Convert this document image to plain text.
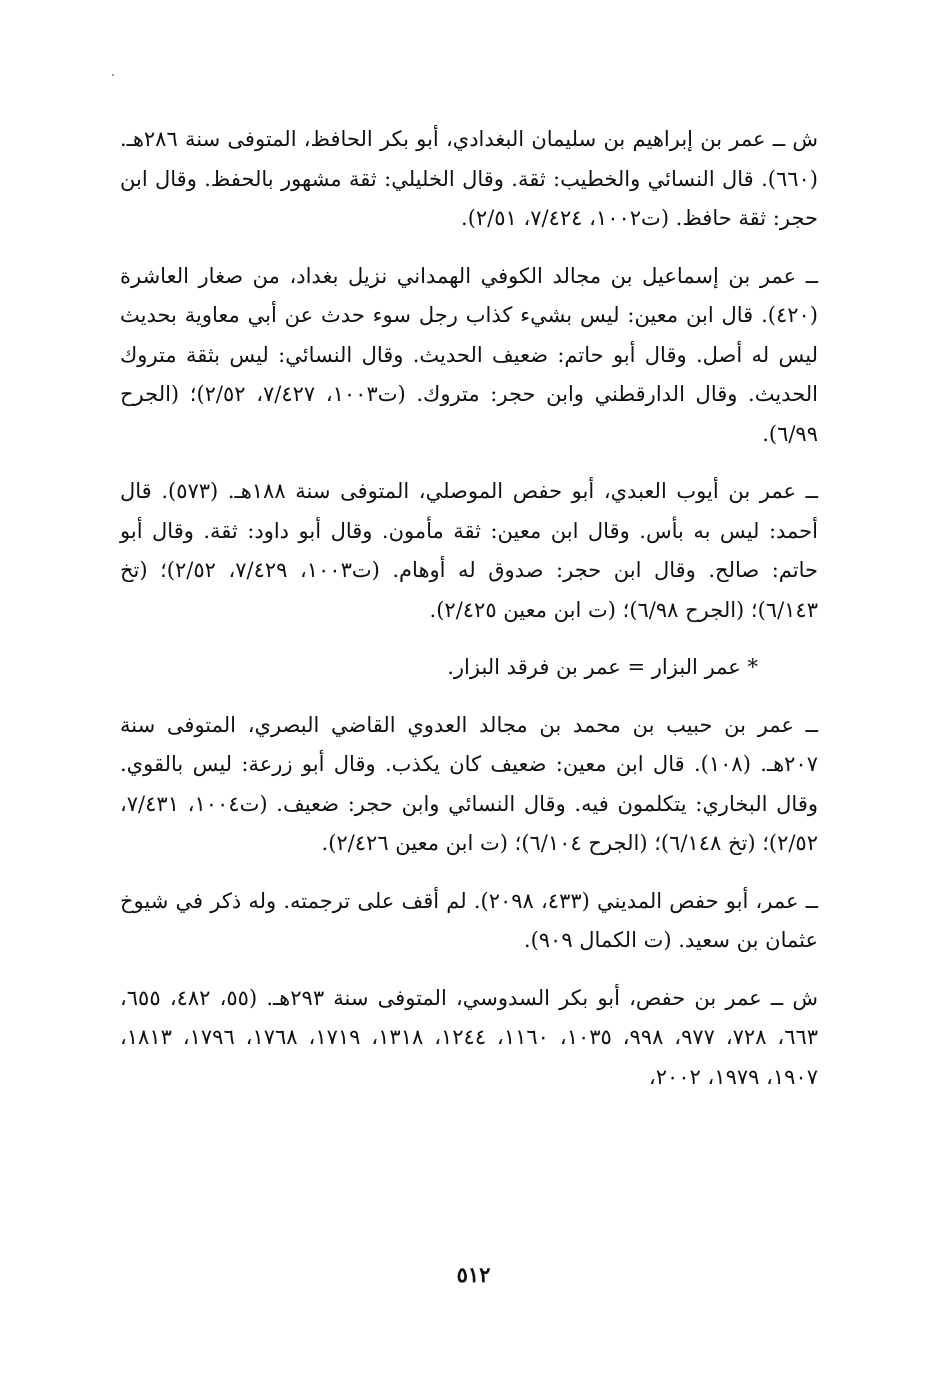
ش ــ عمر بن إبراهيم بن سليمان البغدادي، أبو بكر الحافظ، المتوفى سنة ٢٨٦هـ. (٦٦٠). قال النسائي والخطيب: ثقة. وقال الخليلي: ثقة مشهور بالحفظ. وقال ابن حجر: ثقة حافظ. (ت١٠٠٢، ٧/٤٢٤، ٢/٥١).

ــ عمر بن إسماعيل بن مجالد الكوفي الهمداني نزيل بغداد، من صغار العاشرة (٤٢٠). قال ابن معين: ليس بشيء كذاب رجل سوء حدث عن أبي معاوية بحديث ليس له أصل. وقال أبو حاتم: ضعيف الحديث. وقال النسائي: ليس بثقة متروك الحديث. وقال الدارقطني وابن حجر: متروك. (ت١٠٠٣، ٧/٤٢٧، ٢/٥٢)؛ (الجرح ٦/٩٩).

ــ عمر بن أيوب العبدي، أبو حفص الموصلي، المتوفى سنة ١٨٨هـ. (٥٧٣). قال أحمد: ليس به بأس. وقال ابن معين: ثقة مأمون. وقال أبو داود: ثقة. وقال أبو حاتم: صالح. وقال ابن حجر: صدوق له أوهام. (ت١٠٠٣، ٧/٤٢٩، ٢/٥٢)؛ (تخ ٦/١٤٣)؛ (الجرح ٦/٩٨)؛ (ت ابن معين ٢/٤٢٥).

* عمر البزار = عمر بن فرقد البزار.

ــ عمر بن حبيب بن محمد بن مجالد العدوي القاضي البصري، المتوفى سنة ٢٠٧هـ. (١٠٨). قال ابن معين: ضعيف كان يكذب. وقال أبو زرعة: ليس بالقوي. وقال البخاري: يتكلمون فيه. وقال النسائي وابن حجر: ضعيف. (ت١٠٠٤، ٧/٤٣١، ٢/٥٢)؛ (تخ ٦/١٤٨)؛ (الجرح ٦/١٠٤)؛ (ت ابن معين ٢/٤٢٦).

ــ عمر، أبو حفص المديني (٤٣٣، ٢٠٩٨). لم أقف على ترجمته. وله ذكر في شيوخ عثمان بن سعيد. (ت الكمال ٩٠٩).

ش ــ عمر بن حفص، أبو بكر السدوسي، المتوفى سنة ٢٩٣هـ. (٥٥، ٤٨٢، ٦٥٥، ٦٦٣، ٧٢٨، ٩٧٧، ٩٩٨، ١٠٣٥، ١١٦٠، ١٢٤٤، ١٣١٨، ١٧١٩، ١٧٦٨، ١٧٩٦، ١٨١٣، ١٩٠٧، ١٩٧٩، ٢٠٠٢،

٥١٢
